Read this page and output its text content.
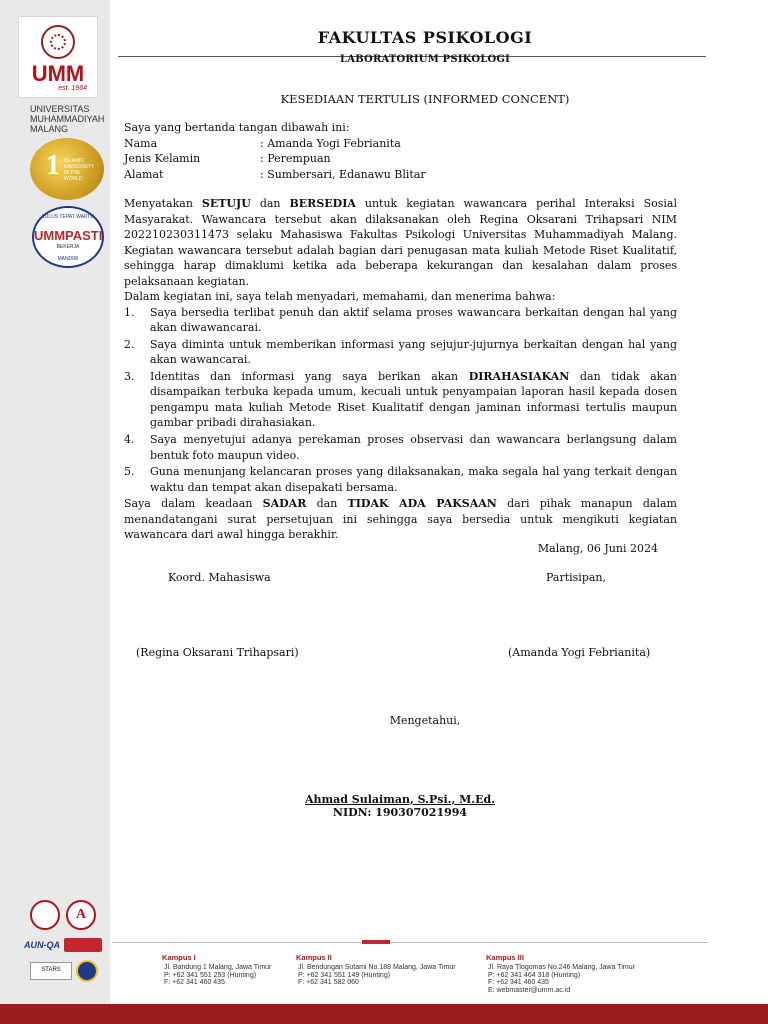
UMM
est. 1964
UNIVERSITAS
MUHAMMADIYAH
MALANG
1 ISLAMIC
UNIVERSITY
IN THE
WORLD
LULUS TEPAT WAKTU
UMMPASTI
BEKERJA
MANDIRI
A
AUN-QA
STARS
FAKULTAS PSIKOLOGI
LABORATORIUM PSIKOLOGI
KESEDIAAN TERTULIS (INFORMED CONCENT)

Saya yang bertanda tangan dibawah ini:

Nama	: Amanda Yogi Febrianita
Jenis Kelamin	: Perempuan
Alamat	: Sumbersari, Edanawu Blitar

Menyatakan SETUJU dan BERSEDIA untuk kegiatan wawancara perihal Interaksi Sosial Masyarakat. Wawancara tersebut akan dilaksanakan oleh Regina Oksarani Trihapsari NIM 202210230311473 selaku Mahasiswa Fakultas Psikologi Universitas Muhammadiyah Malang. Kegiatan wawancara tersebut adalah bagian dari penugasan mata kuliah Metode Riset Kualitatif, sehingga harap dimaklumi ketika ada beberapa kekurangan dan kesalahan dalam proses pelaksanaan kegiatan.

Dalam kegiatan ini, saya telah menyadari, memahami, dan menerima bahwa:

1.	Saya bersedia terlibat penuh dan aktif selama proses wawancara berkaitan dengan hal yang akan diwawancarai.
2.	Saya diminta untuk memberikan informasi yang sejujur-jujurnya berkaitan dengan hal yang akan wawancarai.
3.	Identitas dan informasi yang saya berikan akan DIRAHASIAKAN dan tidak akan disampaikan terbuka kepada umum, kecuali untuk penyampaian laporan hasil kepada dosen pengampu mata kuliah Metode Riset Kualitatif dengan jaminan informasi tertulis maupun gambar pribadi dirahasiakan.
4.	Saya menyetujui adanya perekaman proses observasi dan wawancara berlangsung dalam bentuk foto maupun video.
5.	Guna menunjang kelancaran proses yang dilaksanakan, maka segala hal yang terkait dengan waktu dan tempat akan disepakati bersama.

Saya dalam keadaan SADAR dan TIDAK ADA PAKSAAN dari pihak manapun dalam menandatangani surat persetujuan ini sehingga saya bersedia untuk mengikuti kegiatan wawancara dari awal hingga berakhir.

Malang, 06 Juni 2024
Koord. Mahasiswa	Partisipan,
(Regina Oksarani Trihapsari)	(Amanda Yogi Febrianita)
Mengetahui,
Ahmad Sulaiman, S.Psi., M.Ed.
NIDN: 190307021994
Kampus I
Jl. Bandung 1 Malang, Jawa Timur
P: +62 341 551 253 (Hunting)
F: +62 341 460 435
Kampus II
Jl. Bendungan Sutami No.188 Malang, Jawa Timur
P: +62 341 551 149 (Hunting)
F: +62 341 582 060
Kampus III
Jl. Raya Tlogomas No.246 Malang, Jawa Timur
P: +62 341 464 318 (Hunting)
F: +62 341 460 435
E: webmaster@umm.ac.id
